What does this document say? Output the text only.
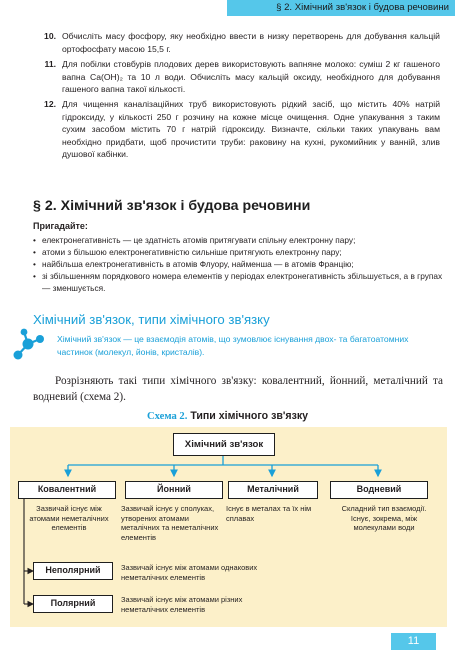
§ 2. Хімічний зв'язок і будова речовини
10. Обчисліть масу фосфору, яку необхідно ввести в низку перетворень для добування кальцій ортофосфату масою 15,5 г.

11. Для побілки стовбурів плодових дерев використовують вапняне молоко: суміш 2 кг гашеного вапна Ca(OH)₂ та 10 л води. Обчисліть масу кальцій оксиду, необхідного для добування гашеного вапна такої кількості.

12. Для чищення каналізаційних труб використовують рідкий засіб, що містить 40% натрій гідроксиду, у кількості 250 г розчину на кожне місце очищення. Одне упакування з таким сухим засобом містить 70 г натрій гідроксиду. Визначте, скільки таких упакувань вам необхідно придбати, щоб прочистити труби: раковину на кухні, рукомийник у ванній, злив душової кабінки.

§ 2. Хімічний зв'язок і будова речовини
Пригадайте:
• електронегативність — це здатність атомів притягувати спільну електронну пару;
• атоми з більшою електронегативністю сильніше притягують електронну пару;
• найбільша електронегативність в атомів Флуору, найменша — в атомів Францію;
• зі збільшенням порядкового номера елементів у періодах електронегативність збільшується, а в групах — зменшується.
Хімічний зв'язок, типи хімічного зв'язку
Хімічний зв'язок — це взаємодія атомів, що зумовлює існування двох- та багатоатомних частинок (молекул, йонів, кристалів).
Розрізняють такі типи хімічного зв'язку: ковалентний, йонний, металічний та водневий (схема 2).
Схема 2. Типи хімічного зв'язку
Хімічний зв'язок
Ковалентний	Йонний	Металічний	Водневий
Зазвичай існує між атомами неметалічних елементів
Зазвичай існує у сполуках, утворених атомами металічних та неметалічних елементів
Існує в металах та їх нім сплавах
Складний тип взаємодії. Існує, зокрема, між молекулами води
Неполярний
Полярний
Зазвичай існує між атомами однакових неметалічних елементів
Зазвичай існує між атомами різних неметалічних елементів
11
